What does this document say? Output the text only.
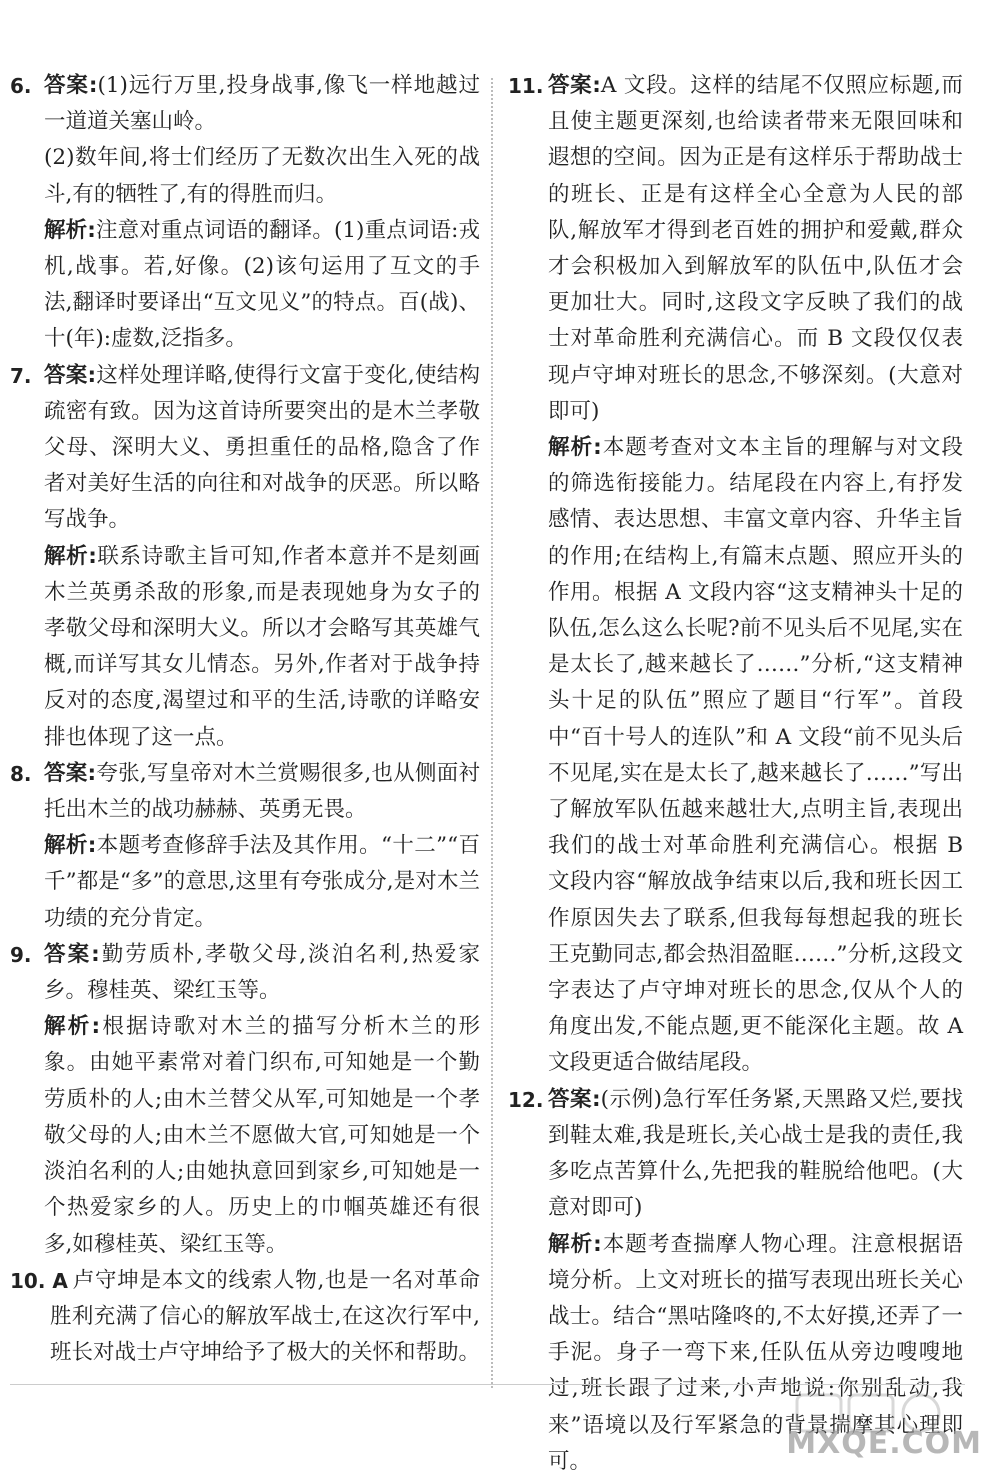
6. 答案:(1)远行万里,投身战事,像飞一样地越过一道道关塞山岭。
(2)数年间,将士们经历了无数次出生入死的战斗,有的牺牲了,有的得胜而归。
解析:注意对重点词语的翻译。(1)重点词语:戎机,战事。若,好像。(2)该句运用了互文的手法,翻译时要译出“互文见义”的特点。百(战)、十(年):虚数,泛指多。
7. 答案:这样处理详略,使得行文富于变化,使结构疏密有致。因为这首诗所要突出的是木兰孝敬父母、深明大义、勇担重任的品格,隐含了作者对美好生活的向往和对战争的厌恶。所以略写战争。
解析:联系诗歌主旨可知,作者本意并不是刻画木兰英勇杀敌的形象,而是表现她身为女子的孝敬父母和深明大义。所以才会略写其英雄气概,而详写其女儿情态。另外,作者对于战争持反对的态度,渴望过和平的生活,诗歌的详略安排也体现了这一点。
8. 答案:夸张,写皇帝对木兰赏赐很多,也从侧面衬托出木兰的战功赫赫、英勇无畏。
解析:本题考查修辞手法及其作用。“十二”“百千”都是“多”的意思,这里有夸张成分,是对木兰功绩的充分肯定。
9. 答案:勤劳质朴,孝敬父母,淡泊名利,热爱家乡。穆桂英、梁红玉等。
解析:根据诗歌对木兰的描写分析木兰的形象。由她平素常对着门织布,可知她是一个勤劳质朴的人;由木兰替父从军,可知她是一个孝敬父母的人;由木兰不愿做大官,可知她是一个淡泊名利的人;由她执意回到家乡,可知她是一个热爱家乡的人。历史上的巾帼英雄还有很多,如穆桂英、梁红玉等。
10. A 卢守坤是本文的线索人物,也是一名对革命胜利充满了信心的解放军战士,在这次行军中,班长对战士卢守坤给予了极大的关怀和帮助。
11. 答案:A 文段。这样的结尾不仅照应标题,而且使主题更深刻,也给读者带来无限回味和遐想的空间。因为正是有这样乐于帮助战士的班长、正是有这样全心全意为人民的部队,解放军才得到老百姓的拥护和爱戴,群众才会积极加入到解放军的队伍中,队伍才会更加壮大。同时,这段文字反映了我们的战士对革命胜利充满信心。而 B 文段仅仅表现卢守坤对班长的思念,不够深刻。(大意对即可)
解析:本题考查对文本主旨的理解与对文段的筛选衔接能力。结尾段在内容上,有抒发感情、表达思想、丰富文章内容、升华主旨的作用;在结构上,有篇末点题、照应开头的作用。根据 A 文段内容“这支精神头十足的队伍,怎么这么长呢?前不见头后不见尾,实在是太长了,越来越长了……”分析,“这支精神头十足的队伍”照应了题目“行军”。首段中“百十号人的连队”和 A 文段“前不见头后不见尾,实在是太长了,越来越长了……”写出了解放军队伍越来越壮大,点明主旨,表现出我们的战士对革命胜利充满信心。根据 B 文段内容“解放战争结束以后,我和班长因工作原因失去了联系,但我每每想起我的班长王克勤同志,都会热泪盈眶……”分析,这段文字表达了卢守坤对班长的思念,仅从个人的角度出发,不能点题,更不能深化主题。故 A 文段更适合做结尾段。
12. 答案:(示例)急行军任务紧,天黑路又烂,要找到鞋太难,我是班长,关心战士是我的责任,我多吃点苦算什么,先把我的鞋脱给他吧。(大意对即可)
解析:本题考查揣摩人物心理。注意根据语境分析。上文对班长的描写表现出班长关心战士。结合“黑咕隆咚的,不太好摸,还弄了一手泥。身子一弯下来,任队伍从旁边嗖嗖地过,班长跟了过来,小声地说:你别乱动,我来”语境以及行军紧急的背景揣摩其心理即可。
MXQE.COM
